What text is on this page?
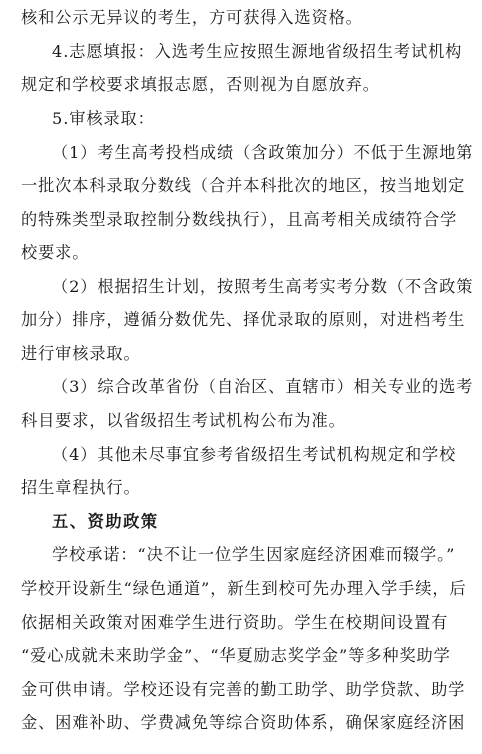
核和公示无异议的考生，方可获得入选资格。
4.志愿填报：入选考生应按照生源地省级招生考试机构
规定和学校要求填报志愿，否则视为自愿放弃。
5.审核录取：
（1）考生高考投档成绩（含政策加分）不低于生源地第
一批次本科录取分数线（合并本科批次的地区，按当地划定
的特殊类型录取控制分数线执行），且高考相关成绩符合学
校要求。
（2）根据招生计划，按照考生高考实考分数（不含政策
加分）排序，遵循分数优先、择优录取的原则，对进档考生
进行审核录取。
（3）综合改革省份（自治区、直辖市）相关专业的选考
科目要求，以省级招生考试机构公布为准。
（4）其他未尽事宜参考省级招生考试机构规定和学校
招生章程执行。
五、资助政策
学校承诺：“决不让一位学生因家庭经济困难而辍学。”
学校开设新生“绿色通道”，新生到校可先办理入学手续，后
依据相关政策对困难学生进行资助。学生在校期间设置有
“爱心成就未来助学金”、“华夏励志奖学金”等多种奖助学
金可供申请。学校还设有完善的勤工助学、助学贷款、助学
金、困难补助、学费减免等综合资助体系，确保家庭经济困
